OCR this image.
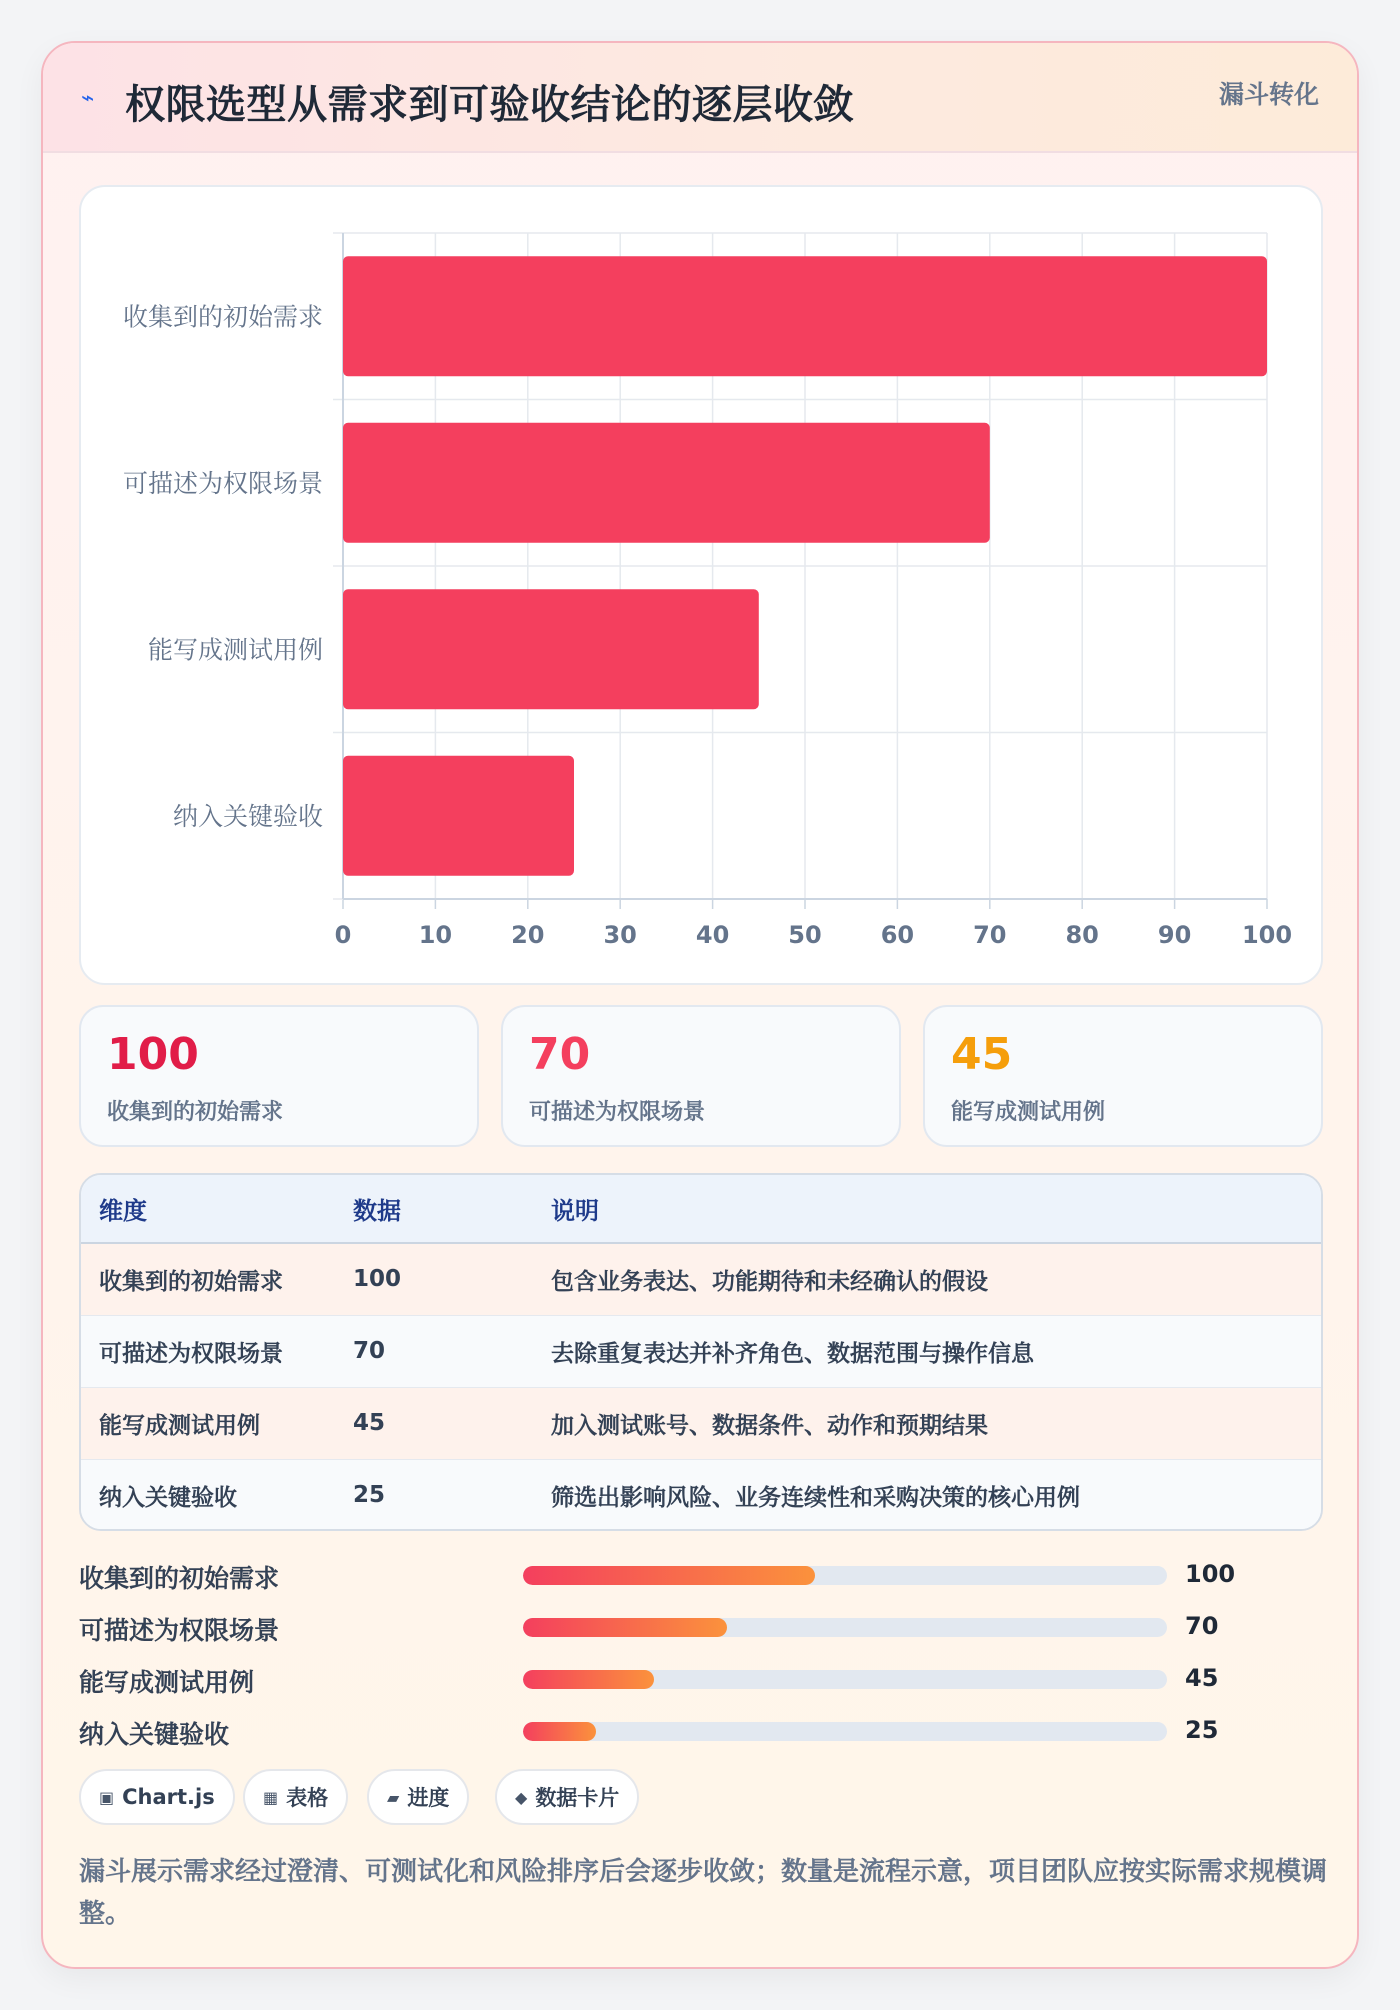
⌁ 权限选型从需求到可验收结论的逐层收敛	漏斗转化
0	10 20 30 40 50 60 70 80 90 100
收集到的初始需求
可描述为权限场景
能写成测试用例
纳入关键验收
100
收集到的初始需求
70
可描述为权限场景
45
能写成测试用例
维度	数据	说明
收集到的初始需求	100	包含业务表达、功能期待和未经确认的假设
可描述为权限场景	70	去除重复表达并补齐角色、数据范围与操作信息
能写成测试用例	45	加入测试账号、数据条件、动作和预期结果
纳入关键验收	25	筛选出影响风险、业务连续性和采购决策的核心用例
收集到的初始需求	100
可描述为权限场景	70
能写成测试用例	45
纳入关键验收	25
▣ Chart.js	▦ 表格	▰ 进度	◆ 数据卡片
漏斗展示需求经过澄清、可测试化和风险排序后会逐步收敛；数量是流程示意，项目团队应按实际需求规模调整。
